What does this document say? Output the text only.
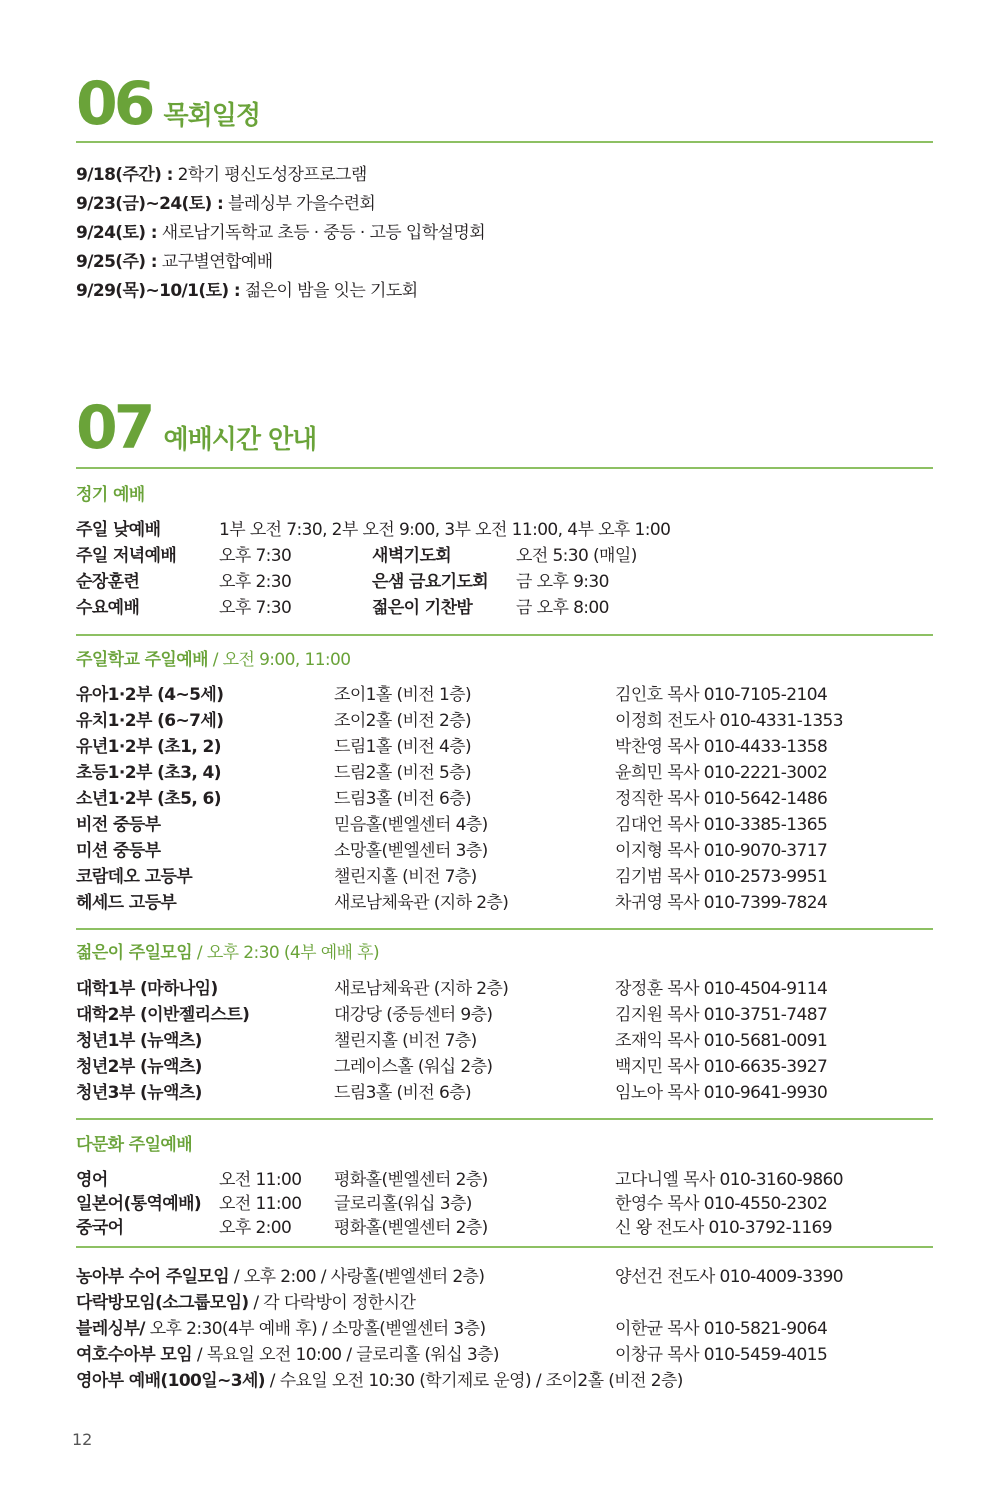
06 목회일정
9/18(주간) : 2학기 평신도성장프로그램
9/23(금)~24(토) : 블레싱부 가을수련회
9/24(토) : 새로남기독학교 초등 · 중등 · 고등 입학설명회
9/25(주) : 교구별연합예배
9/29(목)~10/1(토) : 젊은이 밤을 잇는 기도회
07 예배시간 안내
정기 예배
주일 낮예배	1부 오전 7:30, 2부 오전 9:00, 3부 오전 11:00, 4부 오후 1:00
주일 저녁예배	오후 7:30	새벽기도회	오전 5:30 (매일)
순장훈련	오후 2:30	은샘 금요기도회 금 오후 9:30
수요예배	오후 7:30	젊은이 기찬밤	금 오후 8:00
주일학교 주일예배 / 오전 9:00, 11:00
유아1·2부 (4~5세)	조이1홀 (비전 1층)	김인호 목사 010-7105-2104
유치1·2부 (6~7세)	조이2홀 (비전 2층)	이정희 전도사 010-4331-1353
유년1·2부 (초1, 2)	드림1홀 (비전 4층)	박찬영 목사 010-4433-1358
초등1·2부 (초3, 4)	드림2홀 (비전 5층)	윤희민 목사 010-2221-3002
소년1·2부 (초5, 6)	드림3홀 (비전 6층)	정직한 목사 010-5642-1486
비전 중등부	믿음홀(벧엘센터 4층)	김대언 목사 010-3385-1365
미션 중등부	소망홀(벧엘센터 3층)	이지형 목사 010-9070-3717
코람데오 고등부	챌린지홀 (비전 7층)	김기범 목사 010-2573-9951
헤세드 고등부	새로남체육관 (지하 2층)	차귀영 목사 010-7399-7824
젊은이 주일모임 / 오후 2:30 (4부 예배 후)
대학1부 (마하나임)	새로남체육관 (지하 2층)	장정훈 목사 010-4504-9114
대학2부 (이반젤리스트)	대강당 (중등센터 9층)	김지원 목사 010-3751-7487
청년1부 (뉴액츠)	챌린지홀 (비전 7층)	조재익 목사 010-5681-0091
청년2부 (뉴액츠)	그레이스홀 (워십 2층)	백지민 목사 010-6635-3927
청년3부 (뉴액츠)	드림3홀 (비전 6층)	임노아 목사 010-9641-9930
다문화 주일예배
영어	오전 11:00 평화홀(벧엘센터 2층)	고다니엘 목사 010-3160-9860
일본어(통역예배) 오전 11:00 글로리홀(워십 3층)	한영수 목사 010-4550-2302
중국어	오후 2:00	평화홀(벧엘센터 2층)	신 왕 전도사 010-3792-1169
농아부 수어 주일모임 / 오후 2:00 / 사랑홀(벧엘센터 2층)	양선건 전도사 010-4009-3390
다락방모임(소그룹모임) / 각 다락방이 정한시간
블레싱부/ 오후 2:30(4부 예배 후) / 소망홀(벧엘센터 3층)	이한균 목사 010-5821-9064
여호수아부 모임 / 목요일 오전 10:00 / 글로리홀 (워십 3층)	이창규 목사 010-5459-4015
영아부 예배(100일~3세) / 수요일 오전 10:30 (학기제로 운영) / 조이2홀 (비전 2층)
12
